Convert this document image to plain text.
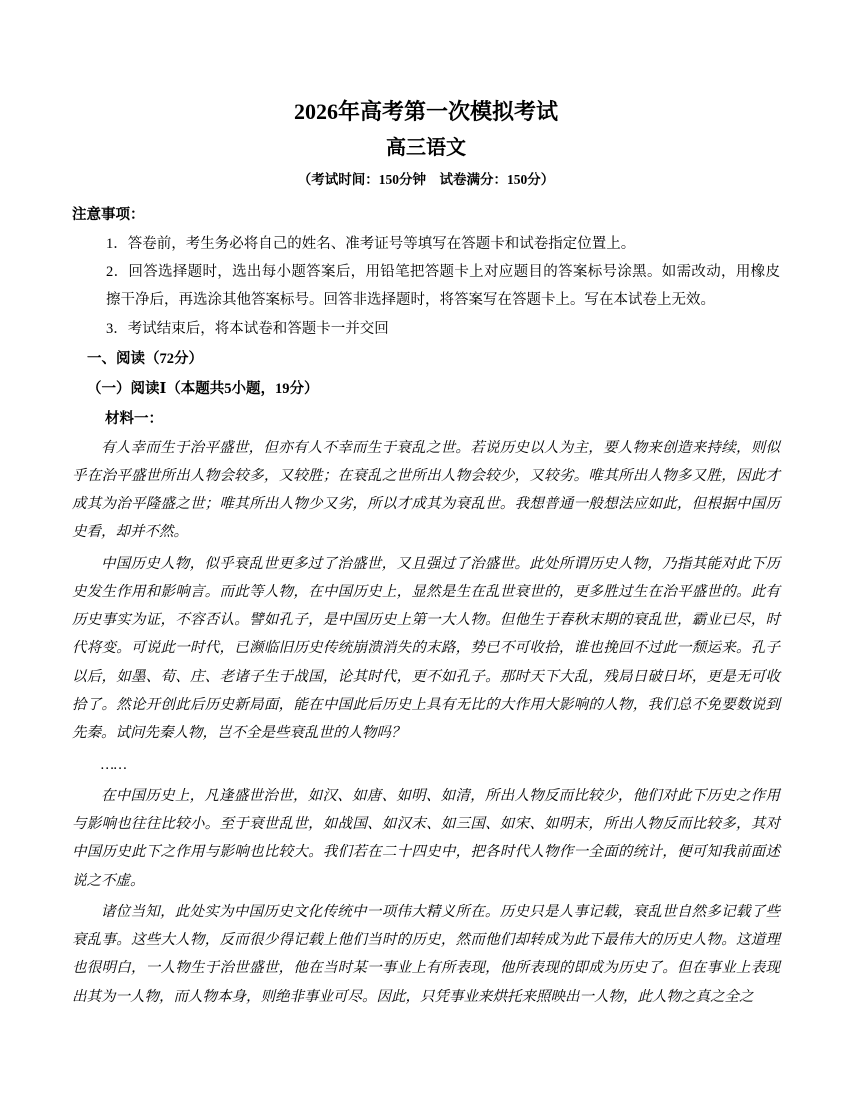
2026年高考第一次模拟考试
高三语文
（考试时间：150分钟　试卷满分：150分）
注意事项：

1．答卷前，考生务必将自己的姓名、准考证号等填写在答题卡和试卷指定位置上。

2．回答选择题时，选出每小题答案后，用铅笔把答题卡上对应题目的答案标号涂黑。如需改动，用橡皮擦干净后，再选涂其他答案标号。回答非选择题时，将答案写在答题卡上。写在本试卷上无效。

3．考试结束后，将本试卷和答题卡一并交回

一、阅读（72分）
（一）阅读Ⅰ（本题共5小题，19分）
材料一：

有人幸而生于治平盛世，但亦有人不幸而生于衰乱之世。若说历史以人为主，要人物来创造来持续，则似乎在治平盛世所出人物会较多，又较胜；在衰乱之世所出人物会较少，又较劣。唯其所出人物多又胜，因此才成其为治平隆盛之世；唯其所出人物少又劣，所以才成其为衰乱世。我想普通一般想法应如此，但根据中国历史看，却并不然。

中国历史人物，似乎衰乱世更多过了治盛世，又且强过了治盛世。此处所谓历史人物，乃指其能对此下历史发生作用和影响言。而此等人物，在中国历史上，显然是生在乱世衰世的，更多胜过生在治平盛世的。此有历史事实为证，不容否认。譬如孔子，是中国历史上第一大人物。但他生于春秋末期的衰乱世，霸业已尽，时代将变。可说此一时代，已濒临旧历史传统崩溃消失的末路，势已不可收拾，谁也挽回不过此一颓运来。孔子以后，如墨、荀、庄、老诸子生于战国，论其时代，更不如孔子。那时天下大乱，残局日破日坏，更是无可收拾了。然论开创此后历史新局面，能在中国此后历史上具有无比的大作用大影响的人物，我们总不免要数说到先秦。试问先秦人物，岂不全是些衰乱世的人物吗？

……

在中国历史上，凡逢盛世治世，如汉、如唐、如明、如清，所出人物反而比较少，他们对此下历史之作用与影响也往往比较小。至于衰世乱世，如战国、如汉末、如三国、如宋、如明末，所出人物反而比较多，其对中国历史此下之作用与影响也比较大。我们若在二十四史中，把各时代人物作一全面的统计，便可知我前面述说之不虚。

诸位当知，此处实为中国历史文化传统中一项伟大精义所在。历史只是人事记载，衰乱世自然多记载了些衰乱事。这些大人物，反而很少得记载上他们当时的历史，然而他们却转成为此下最伟大的历史人物。这道理也很明白，一人物生于治世盛世，他在当时某一事业上有所表现，他所表现的即成为历史了。但在事业上表现出其为一人物，而人物本身，则绝非事业可尽。因此，只凭事业来烘托来照映出一人物，此人物之真之全之
